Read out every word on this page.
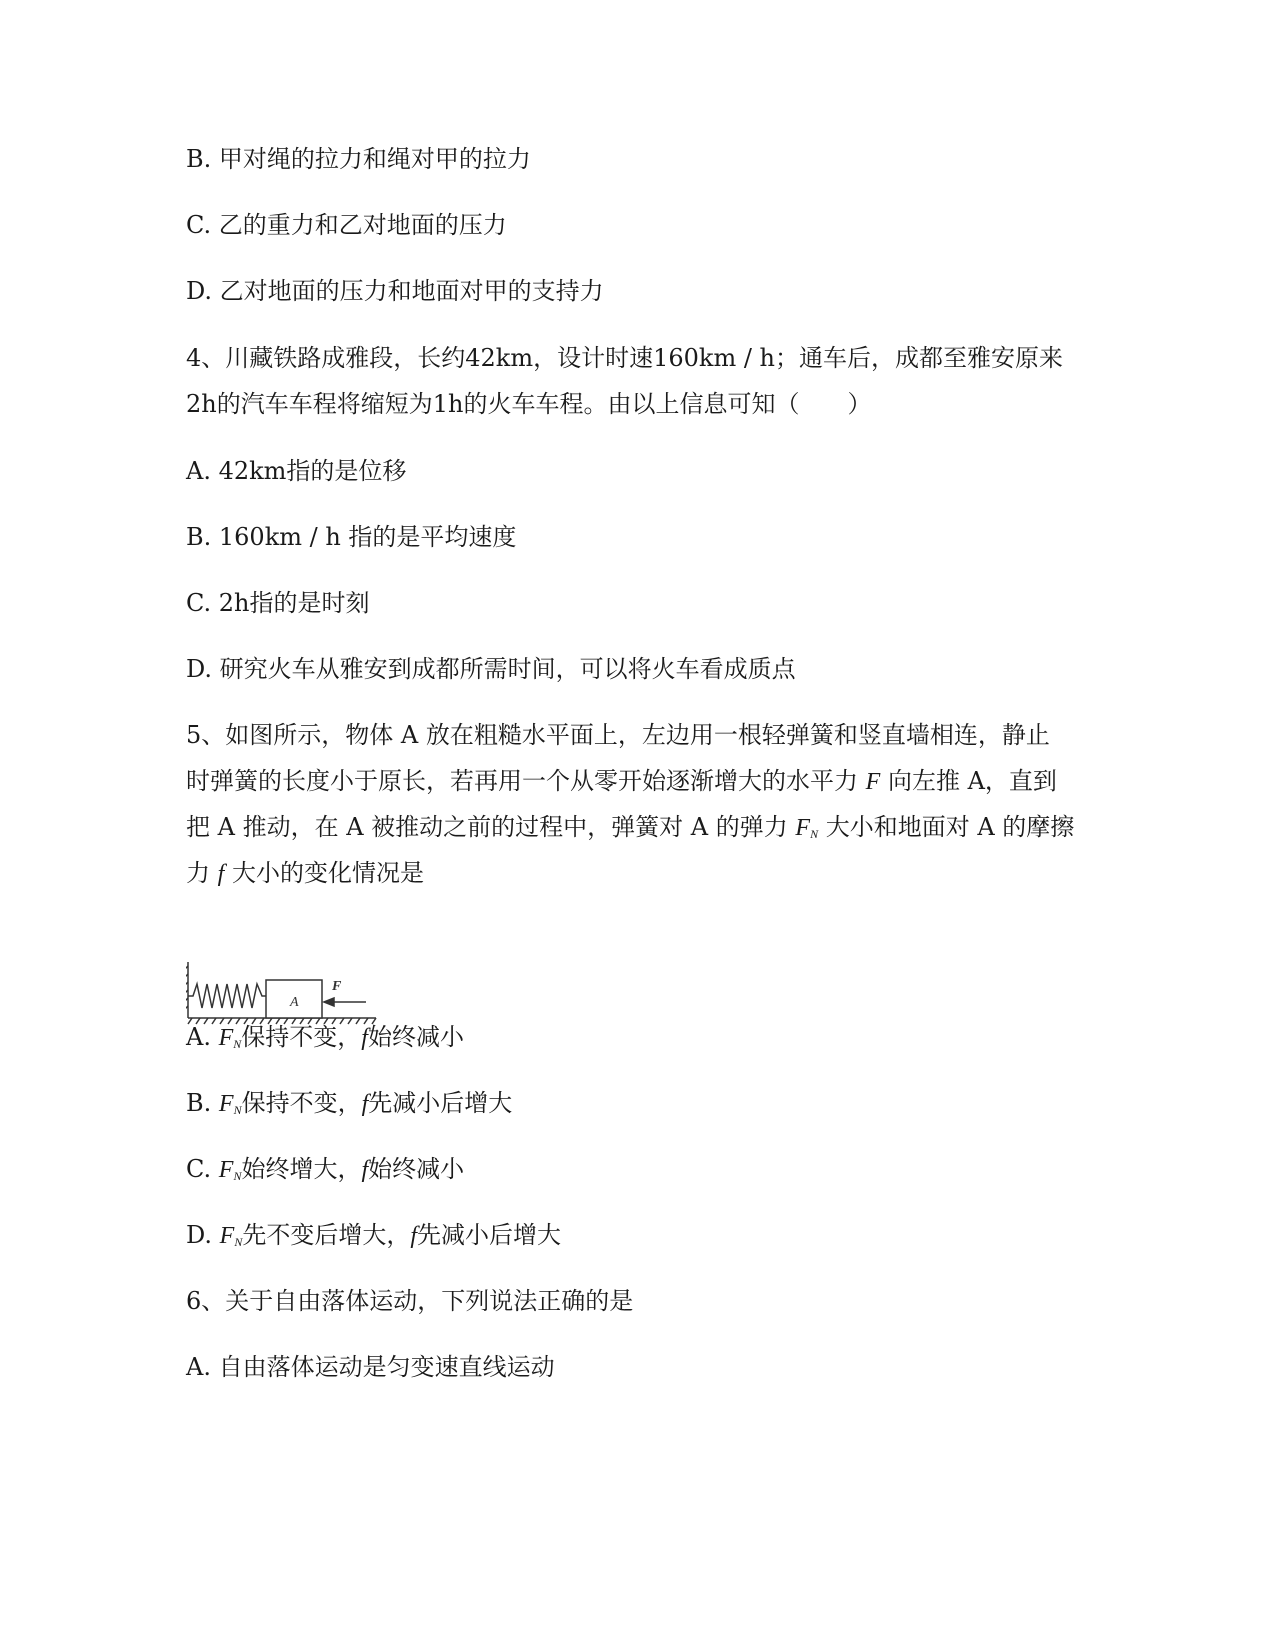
B. 甲对绳的拉力和绳对甲的拉力
C. 乙的重力和乙对地面的压力
D. 乙对地面的压力和地面对甲的支持力
4、川藏铁路成雅段，长约42km，设计时速160km / h；通车后，成都至雅安原来
2h的汽车车程将缩短为1h的火车车程。由以上信息可知（　　）
A. 42km指的是位移
B. 160km / h 指的是平均速度
C. 2h指的是时刻
D. 研究火车从雅安到成都所需时间，可以将火车看成质点
5、如图所示，物体 A 放在粗糙水平面上，左边用一根轻弹簧和竖直墙相连，静止
时弹簧的长度小于原长，若再用一个从零开始逐渐增大的水平力 F 向左推 A，直到
把 A 推动，在 A 被推动之前的过程中，弹簧对 A 的弹力 $F_N$ 大小和地面对 A 的摩擦
力 f 大小的变化情况是
A
F
A. $F_N$保持不变，f始终减小
B. $F_N$保持不变，f先减小后增大
C. $F_N$始终增大，f始终减小
D. $F_N$先不变后增大，f先减小后增大
6、关于自由落体运动，下列说法正确的是
A. 自由落体运动是匀变速直线运动
